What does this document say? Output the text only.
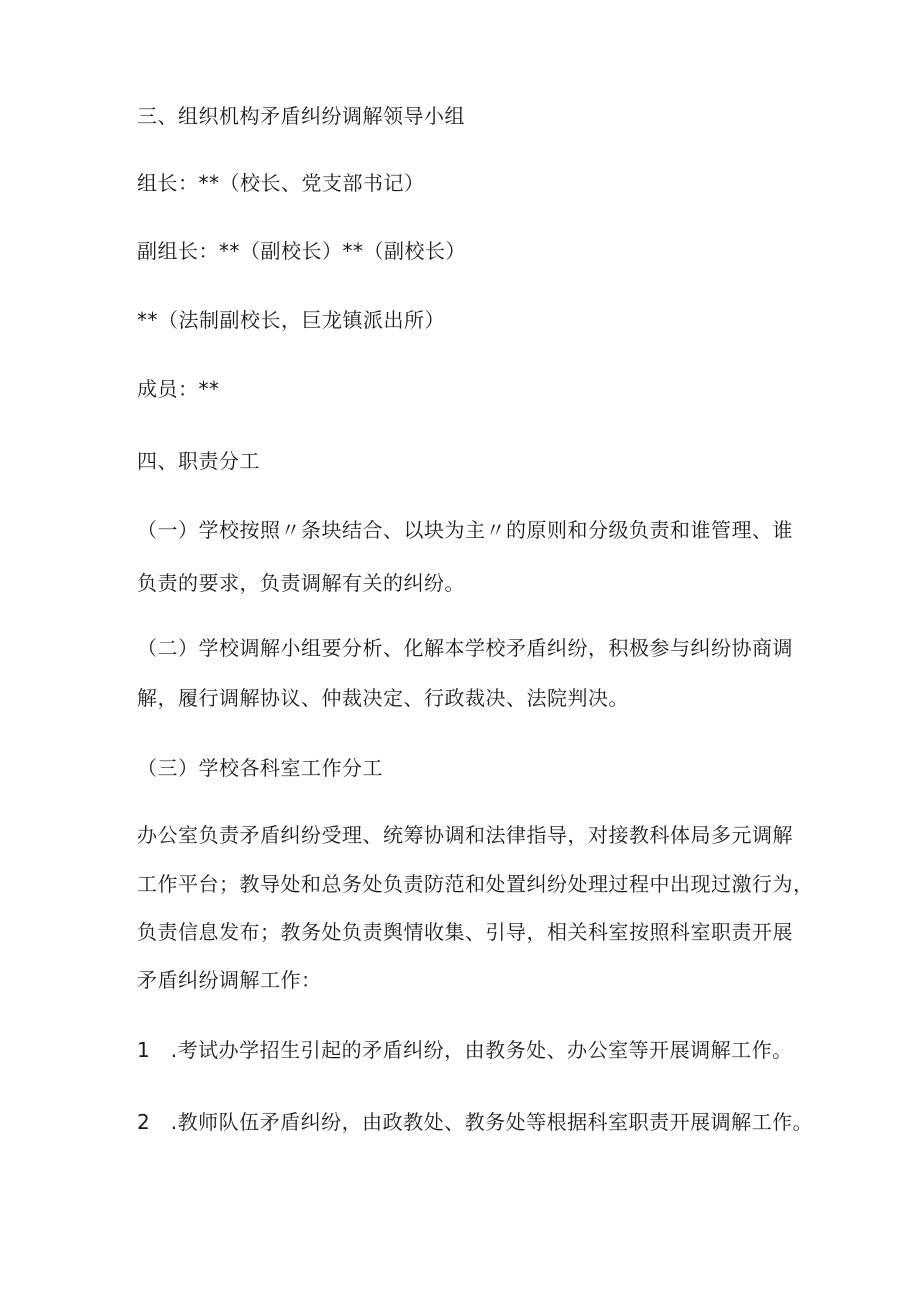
三、组织机构矛盾纠纷调解领导小组
组长：**（校长、党支部书记）
副组长：**（副校长）**（副校长）
**（法制副校长，巨龙镇派出所）
成员：**
四、职责分工
（一）学校按照〃条块结合、以块为主〃的原则和分级负责和谁管理、谁
负责的要求，负责调解有关的纠纷。
（二）学校调解小组要分析、化解本学校矛盾纠纷，积极参与纠纷协商调
解，履行调解协议、仲裁决定、行政裁决、法院判决。
（三）学校各科室工作分工
办公室负责矛盾纠纷受理、统筹协调和法律指导，对接教科体局多元调解
工作平台；教导处和总务处负责防范和处置纠纷处理过程中出现过激行为，
负责信息发布；教务处负责舆情收集、引导，相关科室按照科室职责开展
矛盾纠纷调解工作：
1　.考试办学招生引起的矛盾纠纷，由教务处、办公室等开展调解工作。
2　.教师队伍矛盾纠纷，由政教处、教务处等根据科室职责开展调解工作。
